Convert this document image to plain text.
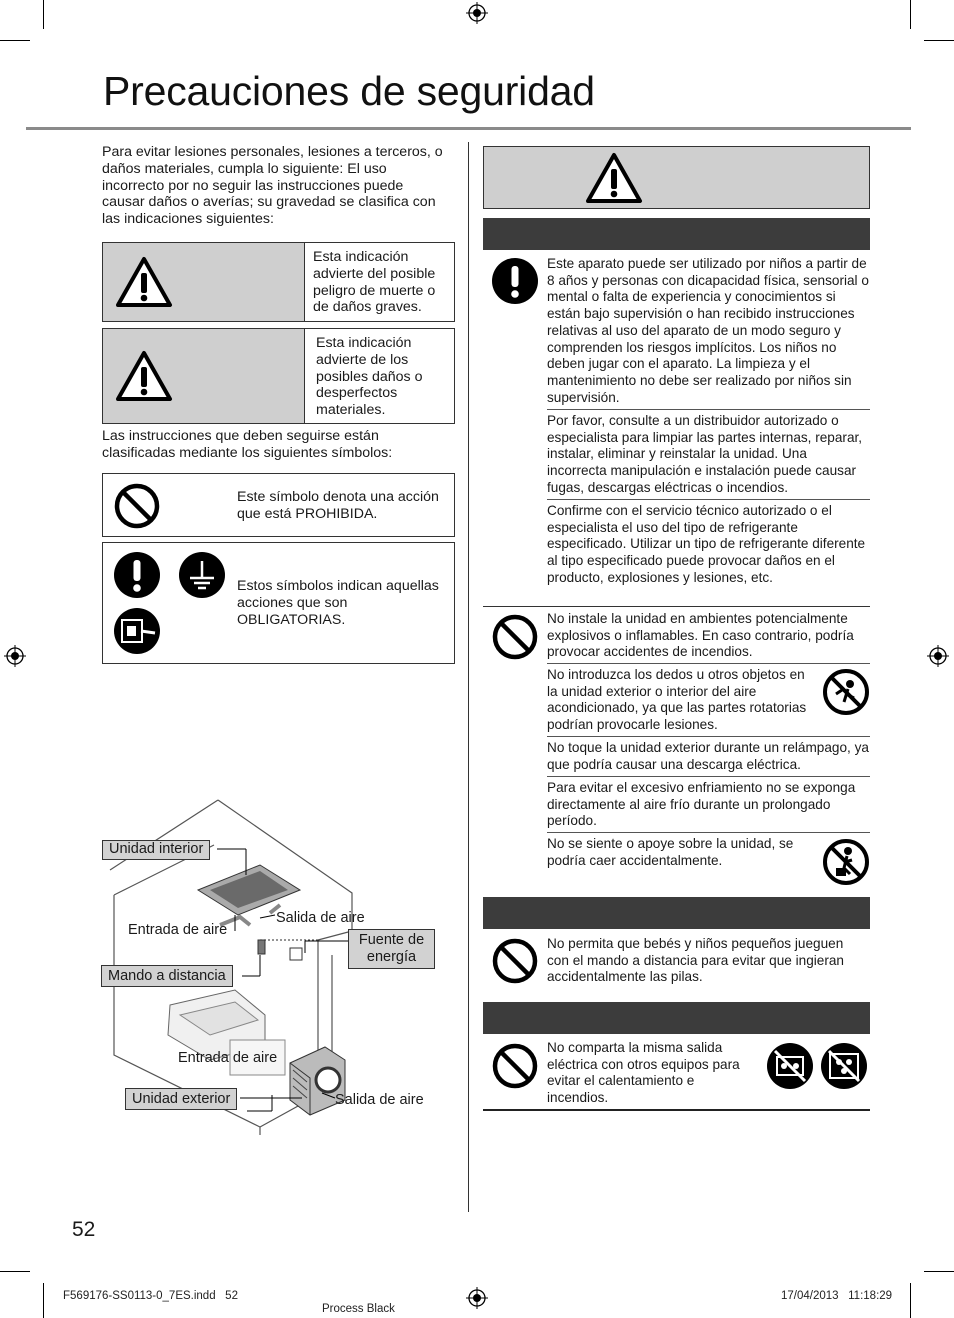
Precauciones de seguridad
Para evitar lesiones personales, lesiones a terceros, o daños materiales, cumpla lo siguiente: El uso incorrecto por no seguir las instrucciones puede causar daños o averías; su gravedad se clasifica con las indicaciones siguientes:
Esta indicación advierte del posible peligro de muerte o de daños graves.
Esta indicación advierte de los posibles daños o desperfectos materiales.
Las instrucciones que deben seguirse están clasificadas mediante los siguientes símbolos:
Este símbolo denota una acción que está PROHIBIDA.
Estos símbolos indican aquellas acciones que son OBLIGATORIAS.
Unidad interior
Entrada de aire
Salida de aire
Fuente de energía
Mando a distancia
Entrada de aire
Unidad exterior	Salida de aire
Este aparato puede ser utilizado por niños a partir de 8 años y personas con dicapacidad física, sensorial o mental o falta de experiencia y conocimientos si están bajo supervisión o han recibido instrucciones relativas al uso del aparato de un modo seguro y comprenden los riesgos implícitos. Los niños no deben jugar con el aparato. La limpieza y el mantenimiento no debe ser realizado por niños sin supervisión.
Por favor, consulte a un distribuidor autorizado o especialista para limpiar las partes internas, reparar, instalar, eliminar y reinstalar la unidad. Una incorrecta manipulación e instalación puede causar fugas, descargas eléctricas o incendios.
Confirme con el servicio técnico autorizado o el especialista el uso del tipo de refrigerante especificado. Utilizar un tipo de refrigerante diferente al tipo especificado puede provocar daños en el producto, explosiones y lesiones, etc.
No instale la unidad en ambientes potencialmente explosivos o inflamables. En caso contrario, podría provocar accidentes de incendios.
No introduzca los dedos u otros objetos en la unidad exterior o interior del aire acondicionado, ya que las partes rotatorias podrían provocarle lesiones.
No toque la unidad exterior durante un relámpago, ya que podría causar una descarga eléctrica.
Para evitar el excesivo enfriamiento no se exponga directamente al aire frío durante un prolongado período.
No se siente o apoye sobre la unidad, se podría caer accidentalmente.
No permita que bebés y niños pequeños jueguen con el mando a distancia para evitar que ingieran accidentalmente las pilas.
No comparta la misma salida eléctrica con otros equipos para evitar el calentamiento e incendios.
52
F569176-SS0113-0_7ES.indd   52
Process Black
17/04/2013   11:18:29
